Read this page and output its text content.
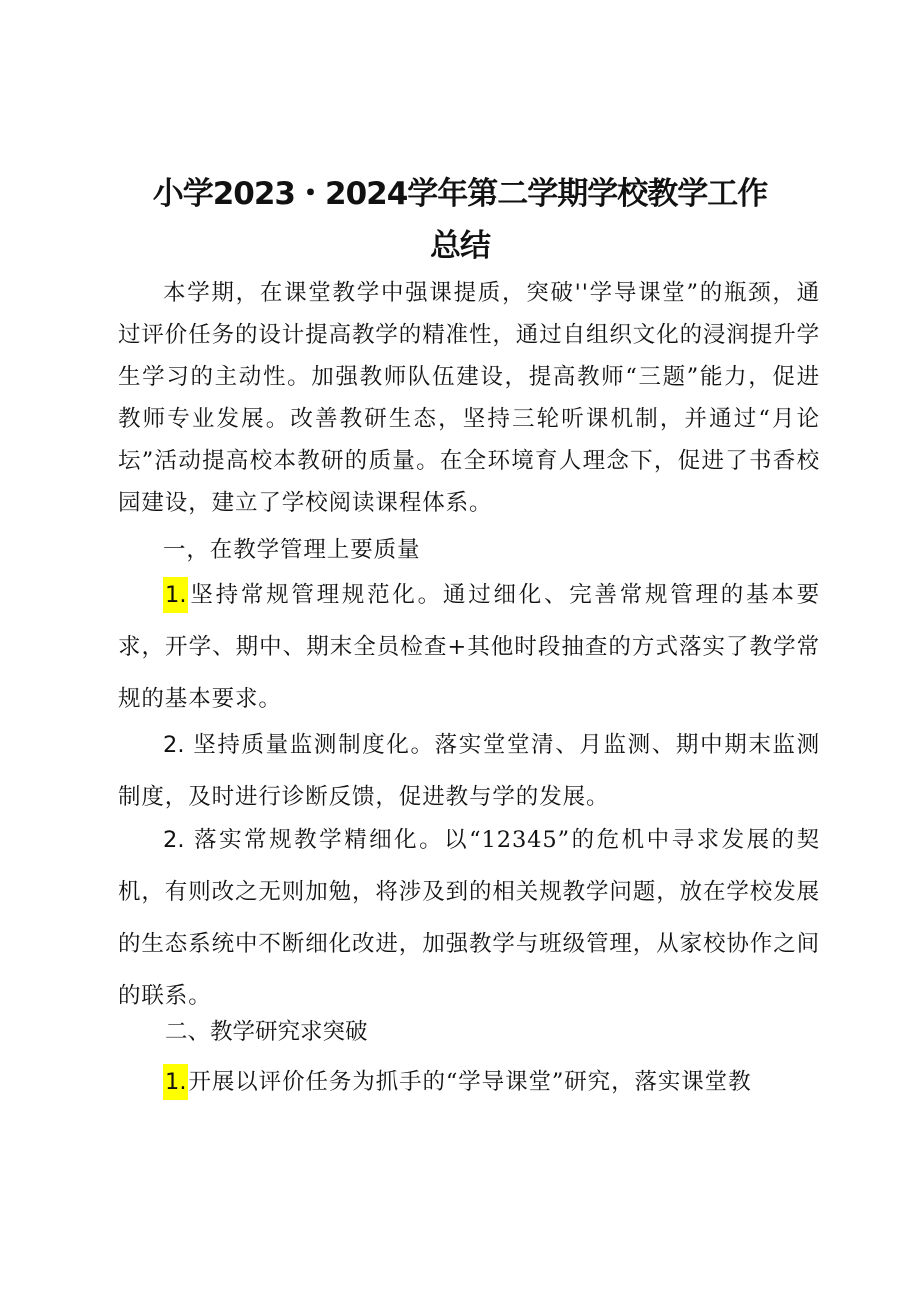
小学2023・2024学年第二学期学校教学工作
总结
本学期，在课堂教学中强课提质，突破''学导课堂”的瓶颈，通过评价任务的设计提高教学的精准性，通过自组织文化的浸润提升学生学习的主动性。加强教师队伍建设，提高教师“三题”能力，促进教师专业发展。改善教研生态，坚持三轮听课机制，并通过“月论坛”活动提高校本教研的质量。在全环境育人理念下，促进了书香校园建设，建立了学校阅读课程体系。
一，在教学管理上要质量
1.坚持常规管理规范化。通过细化、完善常规管理的基本要求，开学、期中、期末全员检查+其他时段抽查的方式落实了教学常规的基本要求。
2. 坚持质量监测制度化。落实堂堂清、月监测、期中期末监测制度，及时进行诊断反馈，促进教与学的发展。
2. 落实常规教学精细化。以“12345”的危机中寻求发展的契机，有则改之无则加勉，将涉及到的相关规教学问题，放在学校发展的生态系统中不断细化改进，加强教学与班级管理，从家校协作之间的联系。
二、教学研究求突破
1.开展以评价任务为抓手的“学导课堂”研究，落实课堂教
